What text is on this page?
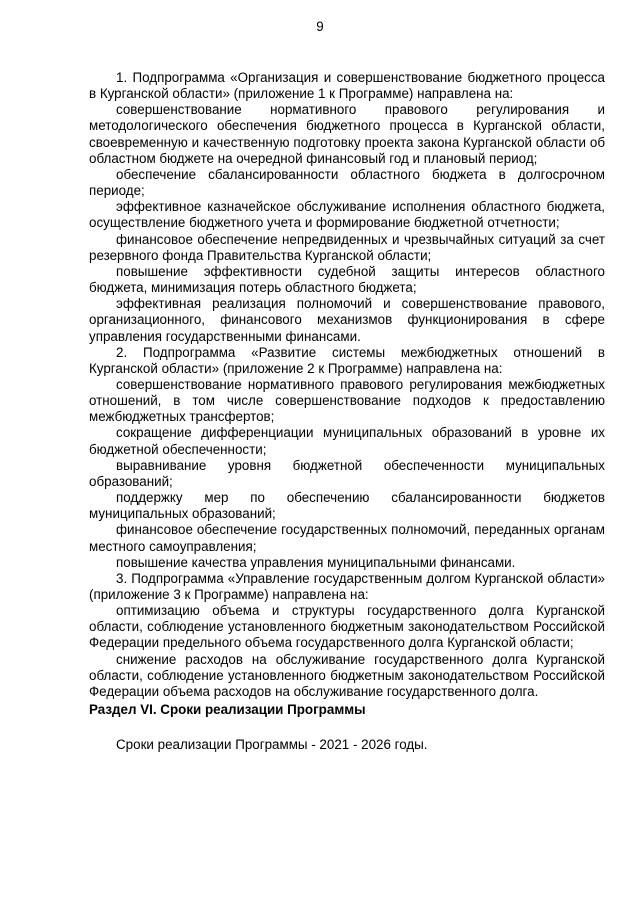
9

1. Подпрограмма «Организация и совершенствование бюджетного процесса в Курганской области» (приложение 1 к Программе) направлена на:

совершенствование нормативного правового регулирования и методологического обеспечения бюджетного процесса в Курганской области, своевременную и качественную подготовку проекта закона Курганской области об областном бюджете на очередной финансовый год и плановый период;

обеспечение сбалансированности областного бюджета в долгосрочном периоде;

эффективное казначейское обслуживание исполнения областного бюджета, осуществление бюджетного учета и формирование бюджетной отчетности;

финансовое обеспечение непредвиденных и чрезвычайных ситуаций за счет резервного фонда Правительства Курганской области;

повышение эффективности судебной защиты интересов областного бюджета, минимизация потерь областного бюджета;

эффективная реализация полномочий и совершенствование правового, организационного, финансового механизмов функционирования в сфере управления государственными финансами.

2. Подпрограмма «Развитие системы межбюджетных отношений в Курганской области» (приложение 2 к Программе) направлена на:

совершенствование нормативного правового регулирования межбюджетных отношений, в том числе совершенствование подходов к предоставлению межбюджетных трансфертов;

сокращение дифференциации муниципальных образований в уровне их бюджетной обеспеченности;

выравнивание уровня бюджетной обеспеченности муниципальных образований;

поддержку мер по обеспечению сбалансированности бюджетов муниципальных образований;

финансовое обеспечение государственных полномочий, переданных органам местного самоуправления;

повышение качества управления муниципальными финансами.

3. Подпрограмма «Управление государственным долгом Курганской области» (приложение 3 к Программе) направлена на:

оптимизацию объема и структуры государственного долга Курганской области, соблюдение установленного бюджетным законодательством Российской Федерации предельного объема государственного долга Курганской области;

снижение расходов на обслуживание государственного долга Курганской области, соблюдение установленного бюджетным законодательством Российской Федерации объема расходов на обслуживание государственного долга.

Раздел VI. Сроки реализации Программы

Сроки реализации Программы - 2021 - 2026 годы.
